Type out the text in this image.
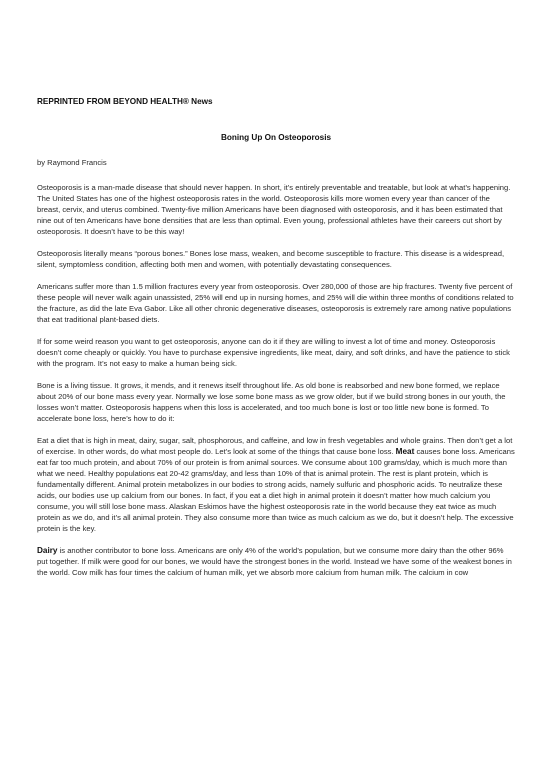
REPRINTED FROM BEYOND HEALTH® News
Boning Up On Osteoporosis
by Raymond Francis

Osteoporosis is a man-made disease that should never happen. In short, it’s entirely preventable and treatable, but look at what’s happening. The United States has one of the highest osteoporosis rates in the world. Osteoporosis kills more women every year than cancer of the breast, cervix, and uterus combined. Twenty-five million Americans have been diagnosed with osteoporosis, and it has been estimated that nine out of ten Americans have bone densities that are less than optimal. Even young, professional athletes have their careers cut short by osteoporosis. It doesn’t have to be this way!

Osteoporosis literally means “porous bones.” Bones lose mass, weaken, and become susceptible to fracture. This disease is a widespread, silent, symptomless condition, affecting both men and women, with potentially devastating consequences.

Americans suffer more than 1.5 million fractures every year from osteoporosis. Over 280,000 of those are hip fractures. Twenty five percent of these people will never walk again unassisted, 25% will end up in nursing homes, and 25% will die within three months of conditions related to the fracture, as did the late Eva Gabor. Like all other chronic degenerative diseases, osteoporosis is extremely rare among native populations that eat traditional plant-based diets.

If for some weird reason you want to get osteoporosis, anyone can do it if they are willing to invest a lot of time and money. Osteoporosis doesn’t come cheaply or quickly. You have to purchase expensive ingredients, like meat, dairy, and soft drinks, and have the patience to stick with the program. It’s not easy to make a human being sick.

Bone is a living tissue. It grows, it mends, and it renews itself throughout life. As old bone is reabsorbed and new bone formed, we replace about 20% of our bone mass every year. Normally we lose some bone mass as we grow older, but if we build strong bones in our youth, the losses won’t matter. Osteoporosis happens when this loss is accelerated, and too much bone is lost or too little new bone is formed. To accelerate bone loss, here’s how to do it:

Eat a diet that is high in meat, dairy, sugar, salt, phosphorous, and caffeine, and low in fresh vegetables and whole grains. Then don’t get a lot of exercise. In other words, do what most people do. Let’s look at some of the things that cause bone loss. Meat causes bone loss. Americans eat far too much protein, and about 70% of our protein is from animal sources. We consume about 100 grams/day, which is much more than what we need. Healthy populations eat 20-42 grams/day, and less than 10% of that is animal protein. The rest is plant protein, which is fundamentally different. Animal protein metabolizes in our bodies to strong acids, namely sulfuric and phosphoric acids. To neutralize these acids, our bodies use up calcium from our bones. In fact, if you eat a diet high in animal protein it doesn’t matter how much calcium you consume, you will still lose bone mass. Alaskan Eskimos have the highest osteoporosis rate in the world because they eat twice as much protein as we do, and it’s all animal protein. They also consume more than twice as much calcium as we do, but it doesn’t help. The excessive protein is the key.

Dairy is another contributor to bone loss. Americans are only 4% of the world’s population, but we consume more dairy than the other 96% put together. If milk were good for our bones, we would have the strongest bones in the world. Instead we have some of the weakest bones in the world. Cow milk has four times the calcium of human milk, yet we absorb more calcium from human milk. The calcium in cow
